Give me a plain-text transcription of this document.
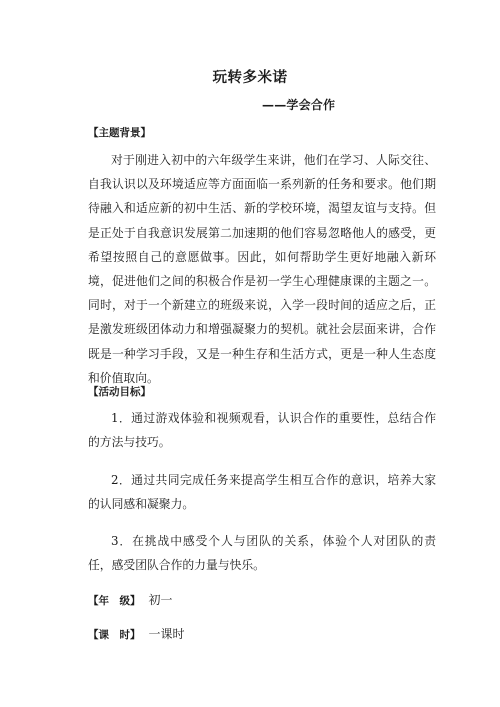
玩转多米诺
——学会合作
【主题背景】
对于刚进入初中的六年级学生来讲，他们在学习、人际交往、自我认识以及环境适应等方面面临一系列新的任务和要求。他们期待融入和适应新的初中生活、新的学校环境，渴望友谊与支持。但是正处于自我意识发展第二加速期的他们容易忽略他人的感受，更希望按照自己的意愿做事。因此，如何帮助学生更好地融入新环境，促进他们之间的积极合作是初一学生心理健康课的主题之一。同时，对于一个新建立的班级来说，入学一段时间的适应之后，正是激发班级团体动力和增强凝聚力的契机。就社会层面来讲，合作既是一种学习手段，又是一种生存和生活方式，更是一种人生态度和价值取向。
【活动目标】
1．通过游戏体验和视频观看，认识合作的重要性，总结合作的方法与技巧。
2．通过共同完成任务来提高学生相互合作的意识，培养大家的认同感和凝聚力。
3．在挑战中感受个人与团队的关系，体验个人对团队的责任，感受团队合作的力量与快乐。
【年　级】 初一
【课　时】 一课时
